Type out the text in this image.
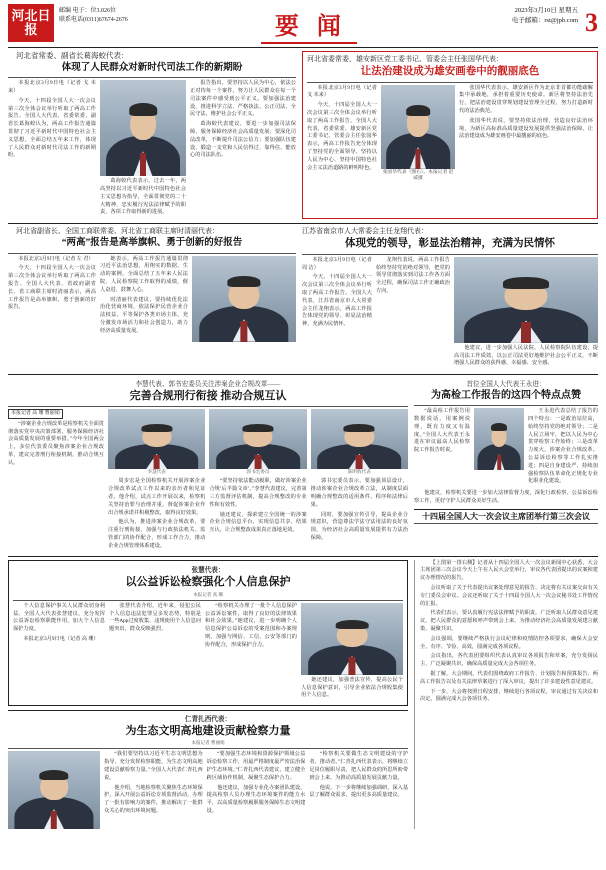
河北日报
邮编 电子：位3.026位
联系电话(0311)67674-2676	要 闻
2023年3月10日 星期五
电子邮箱：rst@jpb.com 3
河北省常委、副省长葛海蛟代表：
体现了人民群众对新时代司法工作的新期盼

本报北京3月9日电（记者 戈 未来）

今天，十四届全国人大一次会议第三次全体会议举行听取了两高工作报告。全国人大代表、省委常委、副省长葛海蛟认为，两高工作报告通篇贯彻了习近平新时代中国特色社会主义思想，全面总结五年来工作，体现了人民群众对新时代司法工作的新期盼。

葛海蛟代表表示，过去一年，两高坚持以习近平新时代中国特色社会主义思想为指导，全面贯彻党的二十大精神，忠实履行宪法法律赋予的职责，各项工作取得新的进展。

报告指出，要坚持以人民为中心，依法公正对待每一个案件，努力让人民群众在每一个司法案件中感受到公平正义。要加强法治建设，推进科学立法、严格执法、公正司法、全民守法，维护社会公平正义。

葛海蛟代表建议，要进一步加强司法保障，服务保障经济社会高质量发展；要深化司法改革，不断提升司法公信力；要加强队伍建设，锻造一支党和人民信得过、靠得住、能放心的司法队伍。

河北省委常委，雄安新区党工委书记、管委会主任张国华代表：
让法治建设成为雄安画卷中的靓丽底色

本报北京3月9日电（记者 戈 未来）

今天，十四届全国人大一次会议第三次全体会议举行听取了两高工作报告。全国人大代表，省委常委、雄安新区党工委书记、管委会主任张国华表示，两高工作报告充分体现了坚持党的全面领导、坚持以人民为中心、坚持中国特色社会主义法治道路的鲜明特色。

张国华代表（图右）。本报记者 赵 威摄

张国华代表表示，雄安新区作为北京非首都功能疏解集中承载地，承担着重要历史使命。新区将坚持法治先行，把法治建设贯穿规划建设管理全过程，努力打造新时代的法治典范。

张国华代表说，要坚持依法治理，营造良好法治环境，为新区高标准高质量建设发展提供坚强法治保障，让法治建设成为雄安画卷中最靓丽的底色。

河北省副省长、全国工商联常委、河北省工商联主席时清丽代表：
“两高”报告是高举旗帜、勇于创新的好报告

本报北京3月9日电（记者 左 君）

今天，十四届全国人大一次会议第三次全体会议举行听取了两高工作报告。全国人大代表、省政府副省长、省工商联主席时清丽表示，两高工作报告是高举旗帜、勇于创新的好报告。

她表示，两高工作报告通篇贯彻习近平法治思想，用翔实的数据、生动的案例，全面总结了五年来人民法院、人民检察院工作取得的成绩，催人奋进、鼓舞人心。

时清丽代表建议，要持续优化法治化营商环境，依法保护民营企业合法权益，平等保护各类市场主体，充分激发市场活力和社会创造力，助力经济高质量发展。

江苏省南京市人大常委会主任龙翔代表：
体现党的领导，彰显法治精神，充满为民情怀

本报北京3月9日电（记者 周 洁）

今天，十四届全国人大一次会议第三次全体会议举行听取了两高工作报告。全国人大代表、江苏省南京市人大常委会主任龙翔表示，两高工作报告体现党的领导、彰显法治精神、充满为民情怀。

龙翔代表说，两高工作报告始终坚持党的绝对领导，把党的领导贯彻落实到司法工作各方面全过程，确保司法工作正确政治方向。

他建议，进一步加强人民法院、人民检察院队伍建设，提高司法工作质效，以公正司法更好地维护社会公平正义，不断增强人民群众的获得感、幸福感、安全感。

李慧代表、郭书宏委员关注涉案企业合规改革——
完善合规刑行衔接 推动合规互认
本报记者 高 珊 曹丽娟

“涉案企业合规改革是检察机关全面贯彻落实党中央决策部署、服务保障经济社会高质量发展的重要举措。”今年全国两会上，多位代表委员聚焦涉案企业合规改革，建议完善刑行衔接机制，推动合规互认。

李慧代表	郭书宏委员	陈明辉代表

周步宏是全国检察机关开展涉案企业合规改革试点工作以来的亲历者和见证者。他介绍，试点工作开展以来，检察机关坚持治罪与治理并重，督促涉案企业作出合规承诺并积极整改，取得良好效果。

他认为，推进涉案企业合规改革，要注重行刑衔接，加强与行政执法机关、监管部门的协作配合，形成工作合力，推动企业合规管理体系建设。

“要坚持依法能动履职，做好涉案企业合规‘后半篇文章’。”李慧代表建议，完善第三方监督评估机制，提高合规整改的专业性和有效性。

她还建议，探索建立全国统一的涉案企业合规信息平台，实现信息共享、结果互认，让合规整改成果真正落地见效。

郭书宏委员表示，要加强顶层设计，推动涉案企业合规改革立法，从制度层面明确合规整改的适用条件、程序和法律后果。

同时，要加强宣传引导，提高企业合规意识，营造尊法学法守法用法的良好氛围，为经济社会高质量发展提供有力法治保障。

首位全国人大代表王永进：
为高检工作报告的这四个特点点赞

“最高检工作报告用数据说话、用案例说理，既有力度又有温度。”全国人大代表王永进在审议最高人民检察院工作报告时说。

王永进代表总结了报告的四个特点：一是政治站位高，始终坚持党的绝对领导；二是人民立场牢，把以人民为中心贯穿检察工作始终；三是改革力度大，涉案企业合规改革、公益诉讼检察等工作扎实推进；四是自身建设严，持续加强检察队伍革命化正规化专业化职业化建设。

他建议，检察机关要进一步加大法律监督力度，深化行政检察、公益诉讼检察工作，更好守护人民群众美好生活。

十四届全国人大一次会议主席团举行第三次会议
张慧代表：
以公益诉讼检察强化个人信息保护
本报记者 高 珊

个人信息保护事关人民群众切身利益。全国人大代表张慧建议，充分发挥公益诉讼检察职能作用，加大个人信息保护力度。

本报北京3月9日电（记者 高 珊）

张慧代表介绍，近年来，侵犯公民个人信息违法犯罪呈多发态势，特别是一些App过度收集、违规使用个人信息问题突出，群众反映强烈。

“检察机关办理了一批个人信息保护公益诉讼案件，取得了良好的法律效果和社会效果。”她建议，进一步明确个人信息保护公益诉讼的受案范围和办案规则，加强与网信、工信、公安等部门的协作配合，形成保护合力。

她还建议，加强普法宣传，提高公民个人信息保护意识，引导企业依法合规收集使用个人信息。

仁青扎西代表：
为生态文明高地建设贡献检察力量
本报记者 曹丽娟

“我们要坚持以习近平生态文明思想为指导，充分发挥检察职能，为生态文明高地建设贡献检察力量。”全国人大代表仁青扎西说。

他介绍，当地检察机关聚焦生态环境保护，深入开展公益诉讼专项监督活动，办理了一批有影响力的案件，推动解决了一批群众关心的突出环境问题。

“要加强生态环境和资源保护领域公益诉讼检察工作，用最严格制度最严密法治保护生态环境。”仁青扎西代表建议，建立健全跨区域协作机制，凝聚生态保护合力。

他还建议，加强专业化办案团队建设，提高检察人员办理生态环境案件的能力水平，以高质量检察履职服务保障生态文明建设。

“检察机关要做生态文明建设的守护者、推动者。”仁青扎西代表表示，将继续立足岗位履职尽责，把人民群众的所思所盼带到会上来，为推动高质量发展贡献力量。

他说，下一步将继续加强调研，深入基层了解群众需求，提出更多高质量建议。

【上图第一排右侧】记者从十四届全国人大一次会议新闻中心获悉，大会主席团第三次会议今天上午在人民大会堂举行，审议各代表团提出的议案和建议办理情况的报告。

会议听取了关于代表提出议案处理意见的报告，决定将有关议案交由有关专门委员会审议。会议还听取了关于十四届全国人大一次会议秘书处工作情况的汇报。

代表们表示，要认真履行宪法法律赋予的职责，广泛听取人民群众意见建议，把人民群众的意愿和呼声带到会上来，为推动经济社会高质量发展建言献策、凝聚共识。

会议强调，要继续严格执行会议纪律和疫情防控各项要求，确保大会安全、有序、节俭、高效，圆满完成各项议程。

会议指出，各代表团要组织代表认真审议各项报告和草案，充分发扬民主，广泛凝聚共识，确保高质量完成大会各项任务。

据了解，大会期间，代表们围绕政府工作报告、计划报告和预算报告、两高工作报告以及有关法律草案进行了深入审议，提出了许多建设性意见建议。

下一步，大会将按照日程安排，继续进行各项议程，审议通过有关决议和决定，圆满完成大会各项任务。
